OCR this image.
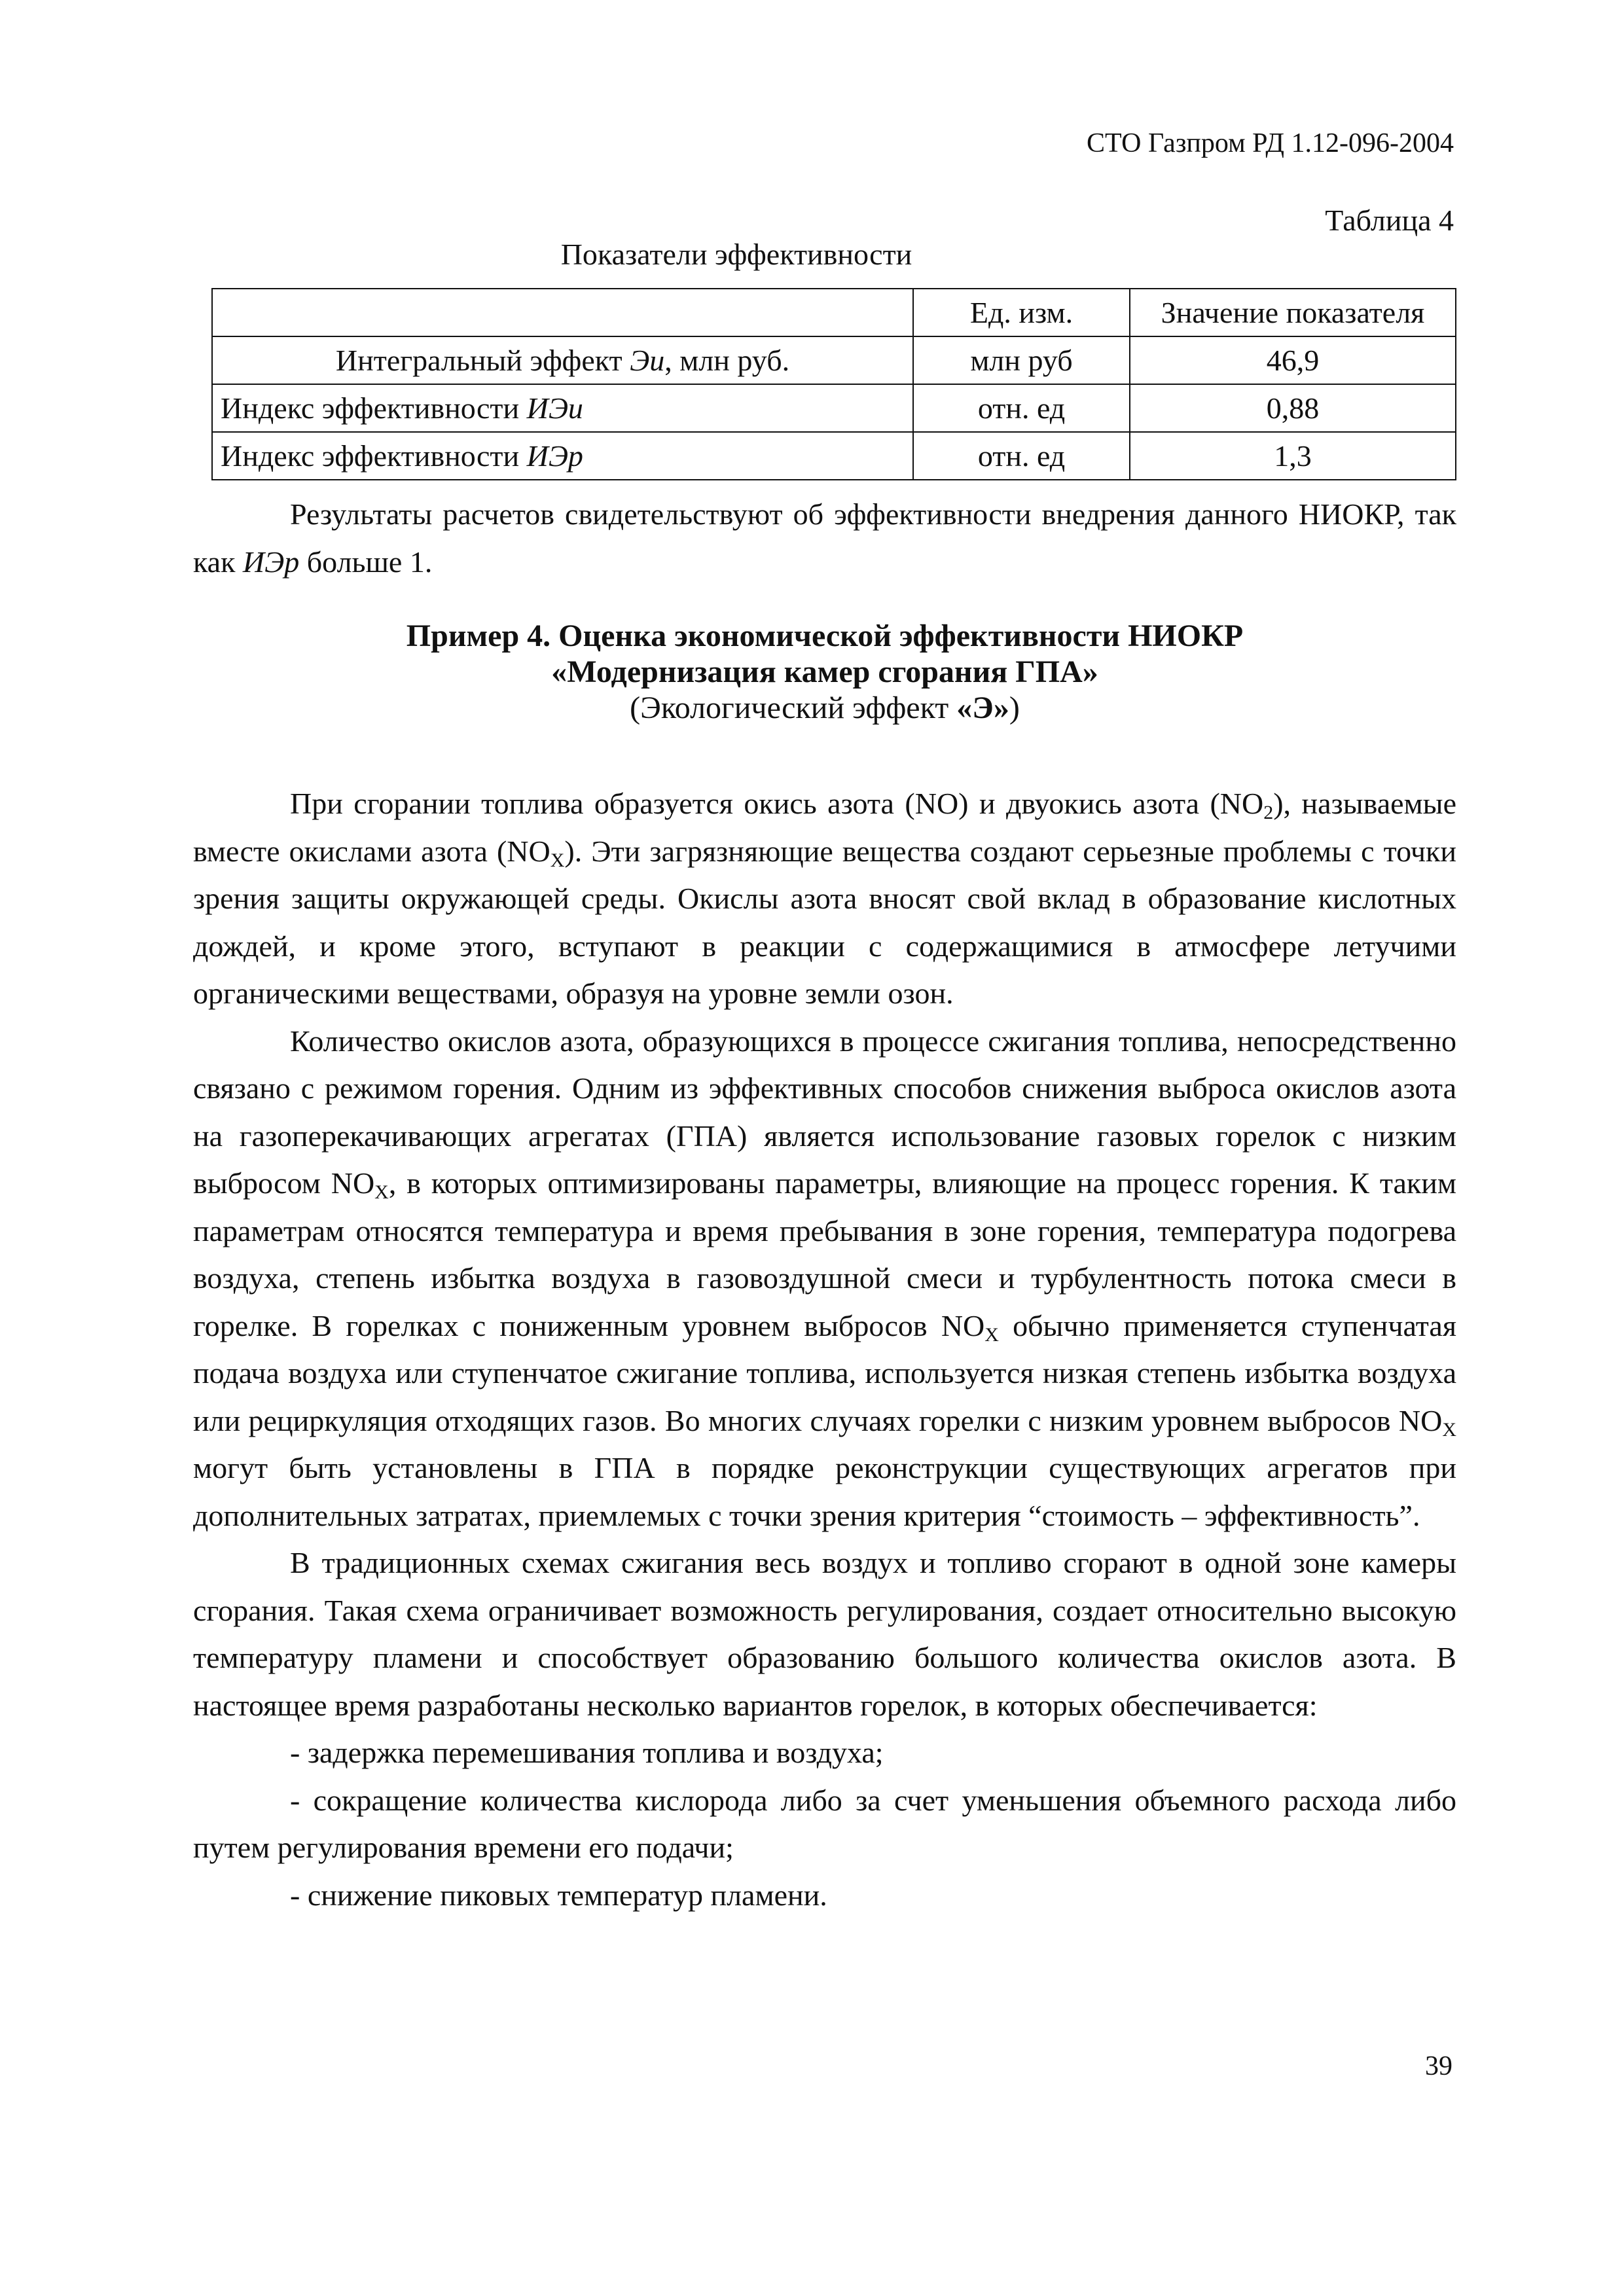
СТО Газпром РД 1.12-096-2004
Таблица 4
Показатели эффективности
	Ед. изм.	Значение показателя
Интегральный эффект Эи, млн руб.	млн руб	46,9
Индекс эффективности ИЭи	отн. ед	0,88
Индекс эффективности ИЭр	отн. ед	1,3

Результаты расчетов свидетельствуют об эффективности внедрения данного НИОКР, так как ИЭр больше 1.

Пример 4. Оценка экономической эффективности НИОКР
«Модернизация камер сгорания ГПА»
(Экологический эффект «Э»)

При сгорании топлива образуется окись азота (NO) и двуокись азота $(NO_2)$, называемые вместе окислами азота $(NO_X)$. Эти загрязняющие вещества создают серьезные проблемы с точки зрения защиты окружающей среды. Окислы азота вносят свой вклад в образование кислотных дождей, и кроме этого, вступают в реакции с содержащимися в атмосфере летучими органическими веществами, образуя на уровне земли озон.

Количество окислов азота, образующихся в процессе сжигания топлива, непосредственно связано с режимом горения. Одним из эффективных способов снижения выброса окислов азота на газоперекачивающих агрегатах (ГПА) является использование газовых горелок с низким выбросом $NO_X$, в которых оптимизированы параметры, влияющие на процесс горения. К таким параметрам относятся температура и время пребывания в зоне горения, температура подогрева воздуха, степень избытка воздуха в газовоздушной смеси и турбулентность потока смеси в горелке. В горелках с пониженным уровнем выбросов $NO_X$ обычно применяется ступенчатая подача воздуха или ступенчатое сжигание топлива, используется низкая степень избытка воздуха или рециркуляция отходящих газов. Во многих случаях горелки с низким уровнем выбросов $NO_X$ могут быть установлены в ГПА в порядке реконструкции существующих агрегатов при дополнительных затратах, приемлемых с точки зрения критерия “стоимость – эффективность”.

В традиционных схемах сжигания весь воздух и топливо сгорают в одной зоне камеры сгорания. Такая схема ограничивает возможность регулирования, создает относительно высокую температуру пламени и способствует образованию большого количества окислов азота. В настоящее время разработаны несколько вариантов горелок, в которых обеспечивается:

- задержка перемешивания топлива и воздуха;

- сокращение количества кислорода либо за счет уменьшения объемного расхода либо путем регулирования времени его подачи;

- снижение пиковых температур пламени.

39
